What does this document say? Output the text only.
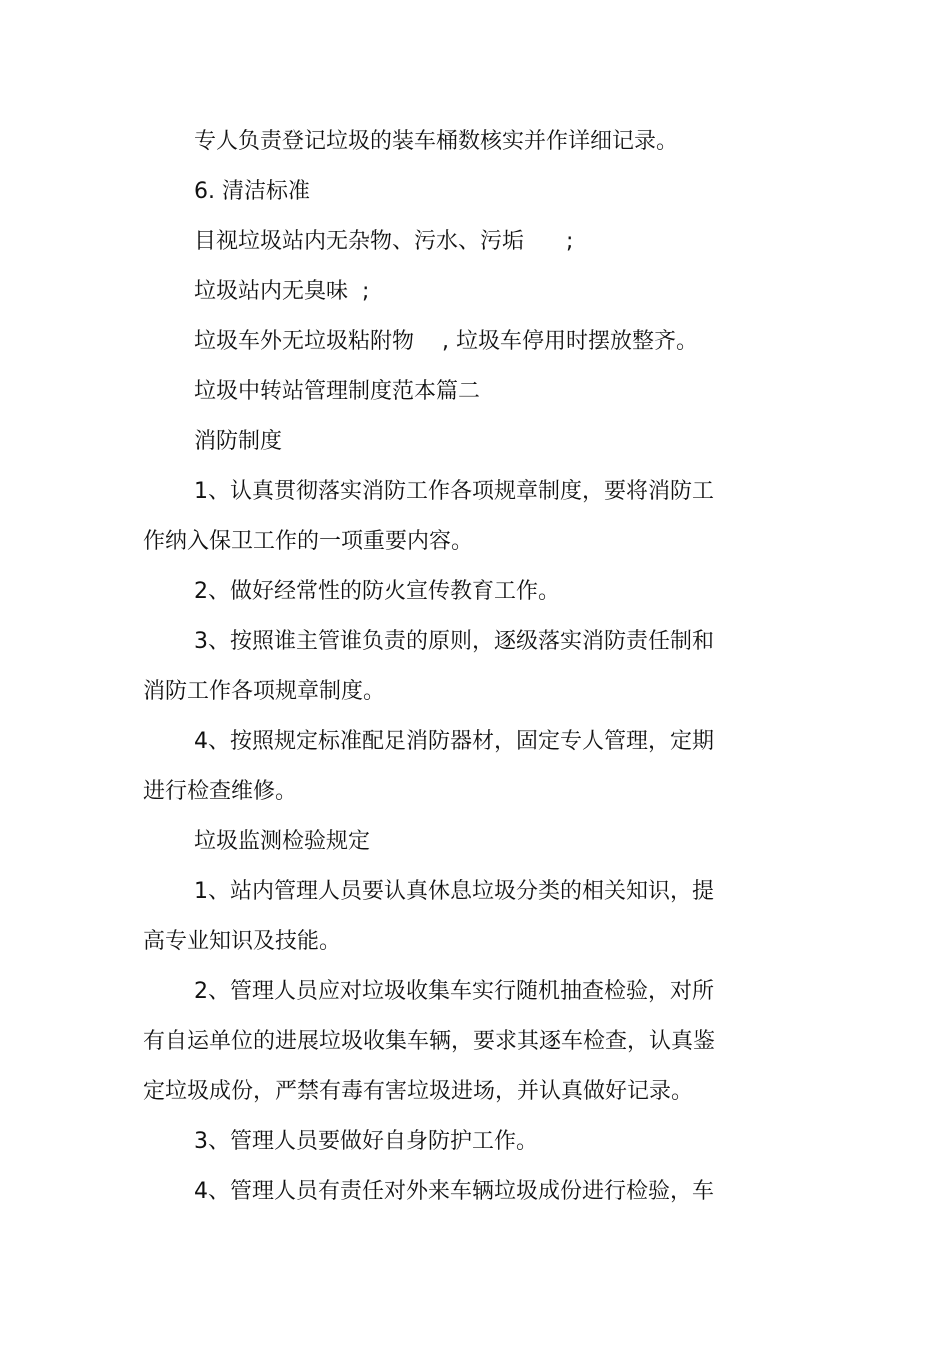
专人负责登记垃圾的装车桶数核实并作详细记录。
6. 清洁标准
目视垃圾站内无杂物、污水、污垢      ;
垃圾站内无臭味  ;
垃圾车外无垃圾粘附物    , 垃圾车停用时摆放整齐。
垃圾中转站管理制度范本篇二
消防制度
1、认真贯彻落实消防工作各项规章制度，要将消防工
作纳入保卫工作的一项重要内容。
2、做好经常性的防火宣传教育工作。
3、按照谁主管谁负责的原则，逐级落实消防责任制和
消防工作各项规章制度。
4、按照规定标准配足消防器材，固定专人管理，定期
进行检查维修。
垃圾监测检验规定
1、站内管理人员要认真休息垃圾分类的相关知识，提
高专业知识及技能。
2、管理人员应对垃圾收集车实行随机抽查检验，对所
有自运单位的进展垃圾收集车辆，要求其逐车检查，认真鉴
定垃圾成份，严禁有毒有害垃圾进场，并认真做好记录。
3、管理人员要做好自身防护工作。
4、管理人员有责任对外来车辆垃圾成份进行检验，车
